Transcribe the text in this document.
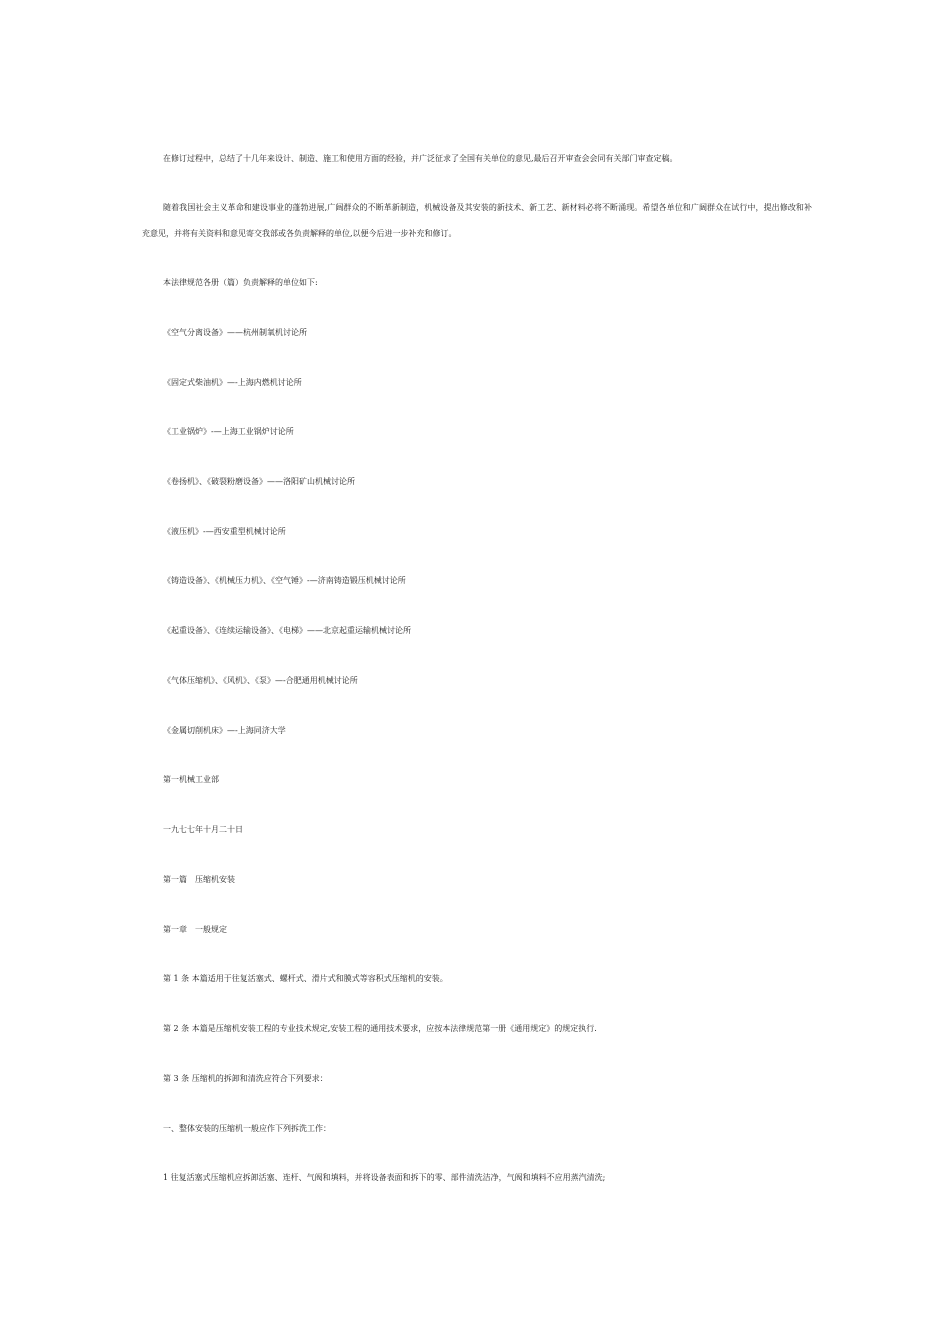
在修订过程中，总结了十几年来设计、制造、施工和使用方面的经验，并广泛征求了全国有关单位的意见,最后召开审查会会同有关部门审查定稿。

随着我国社会主义革命和建设事业的蓬勃进展,广阔群众的不断革新制造，机械设备及其安装的新技术、新工艺、新材料必将不断涌现。希望各单位和广阔群众在试行中，提出修改和补充意见，并将有关资料和意见寄交我部或各负责解释的单位,以便今后进一步补充和修订。

本法律规范各册（篇）负责解释的单位如下:

《空气分离设备》——杭州制氧机讨论所

《固定式柴油机》—-上海内燃机讨论所

《工业锅炉》-—上海工业锅炉讨论所

《卷扬机》、《破裂粉磨设备》——洛阳矿山机械讨论所

《液压机》-—西安重型机械讨论所

《铸造设备》、《机械压力机》、《空气锤》-—济南铸造锻压机械讨论所

《起重设备》、《连续运输设备》、《电梯》——北京起重运输机械讨论所

《气体压缩机》、《风机》、《泵》—-合肥通用机械讨论所

《金属切削机床》—-上海同济大学

第一机械工业部

一九七七年十月二十日

第一篇　压缩机安装

第一章　一般规定

第 1 条 本篇适用于往复活塞式、螺杆式、滑片式和膜式等容积式压缩机的安装。

第 2 条 本篇是压缩机安装工程的专业技术规定,安装工程的通用技术要求，应按本法律规范第一册《通用规定》的规定执行.

第 3 条 压缩机的拆卸和清洗应符合下列要求：

一、整体安装的压缩机一般应作下列拆洗工作：

1 往复活塞式压缩机应拆卸活塞、连杆、气阀和填料，并将设备表面和拆下的零、部件清洗洁净，气阀和填料不应用蒸汽清洗;
